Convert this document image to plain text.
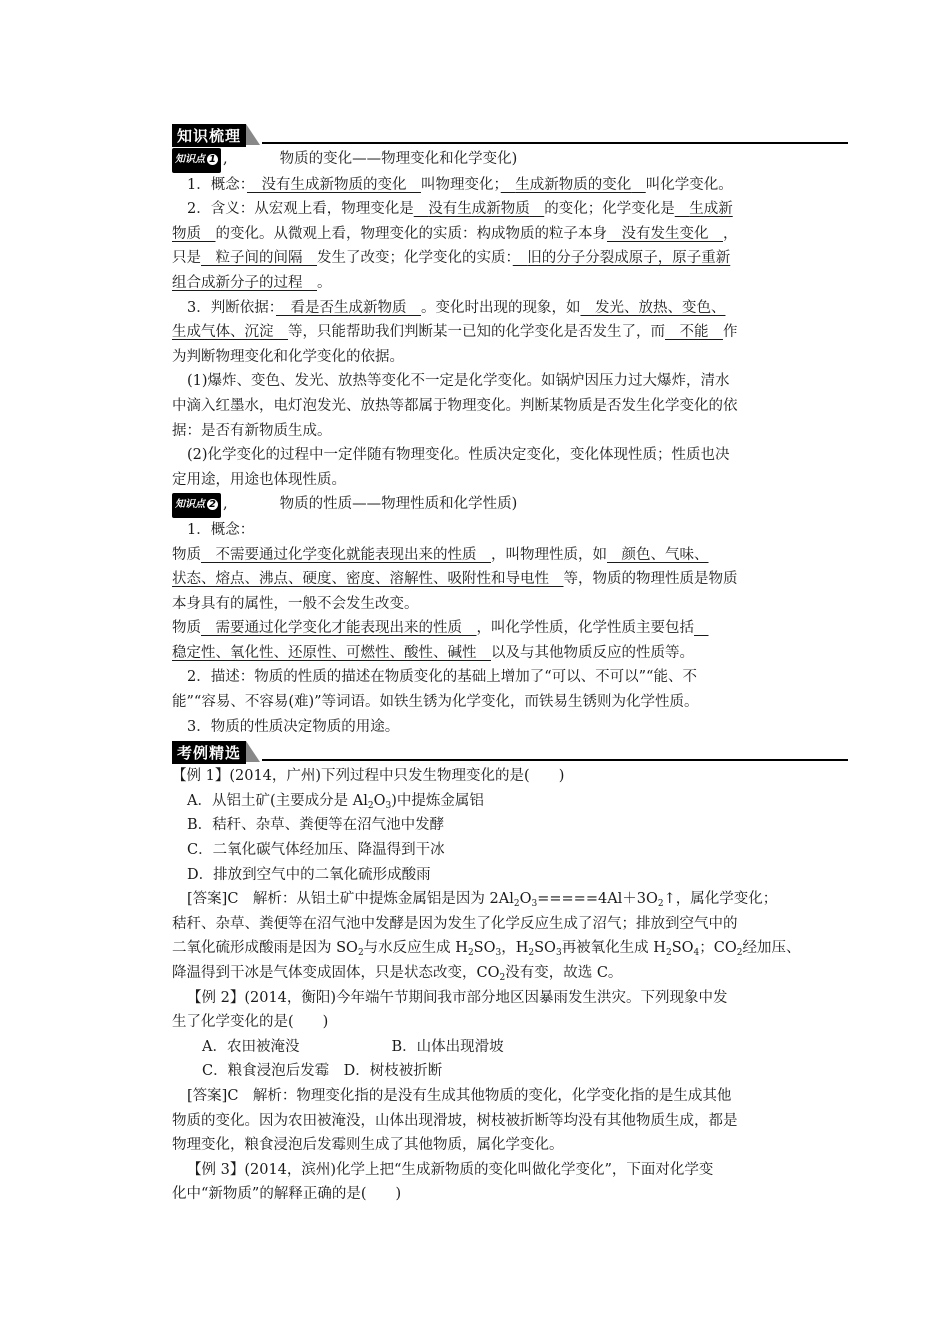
知识梳理
知识点 1 ,	物质的变化——物理变化和化学变化)
1．概念：　 没有生成新物质的变化　 叫物理变化；　 生成新物质的变化　 叫化学变化。
2．含义：从宏观上看，物理变化是　 没有生成新物质　 的变化；化学变化是　 生成新
物质　 的变化。从微观上看，物理变化的实质：构成物质的粒子本身　 没有发生变化　 ，
只是　 粒子间的间隔　 发生了改变；化学变化的实质：　 旧的分子分裂成原子，原子重新
组合成新分子的过程　 。
3．判断依据：　 看是否生成新物质　 。变化时出现的现象，如　 发光、放热、变色、
生成气体、沉淀　 等，只能帮助我们判断某一已知的化学变化是否发生了，而　 不能　 作
为判断物理变化和化学变化的依据。
(1)爆炸、变色、发光、放热等变化不一定是化学变化。如锅炉因压力过大爆炸，清水
中滴入红墨水，电灯泡发光、放热等都属于物理变化。判断某物质是否发生化学变化的依
据：是否有新物质生成。
(2)化学变化的过程中一定伴随有物理变化。性质决定变化，变化体现性质；性质也决
定用途，用途也体现性质。
知识点 2 ,	物质的性质——物理性质和化学性质)
1．概念：
物质　 不需要通过化学变化就能表现出来的性质　 ，叫物理性质，如　 颜色、气味、
状态、熔点、沸点、硬度、密度、溶解性、吸附性和导电性　 等，物质的物理性质是物质
本身具有的属性，一般不会发生改变。
物质　 需要通过化学变化才能表现出来的性质　 ，叫化学性质，化学性质主要包括　
稳定性、氧化性、还原性、可燃性、酸性、碱性　 以及与其他物质反应的性质等。
2．描述：物质的性质的描述在物质变化的基础上增加了“可以、不可以”“能、不
能”“容易、不容易(难)”等词语。如铁生锈为化学变化，而铁易生锈则为化学性质。
3．物质的性质决定物质的用途。
考例精选
【例 1】(2014，广州)下列过程中只发生物理变化的是(　　)
A．从铝土矿(主要成分是 $Al_2O_3$)中提炼金属铝
B．秸秆、杂草、粪便等在沼气池中发酵
C．二氧化碳气体经加压、降温得到干冰
D．排放到空气中的二氧化硫形成酸雨
[答案]C　解析：从铝土矿中提炼金属铝是因为 $2Al_2O_3=====4Al+3O_2↑$，属化学变化；
秸秆、杂草、粪便等在沼气池中发酵是因为发生了化学反应生成了沼气；排放到空气中的
二氧化硫形成酸雨是因为 $SO_2$与水反应生成 $H_2SO_3$，$H_2SO_3$再被氧化生成 $H_2SO_4$；$CO_2$经加压、
降温得到干冰是气体变成固体，只是状态改变，$CO_2$没有变，故选 C。
【例 2】(2014，衡阳)今年端午节期间我市部分地区因暴雨发生洪灾。下列现象中发
生了化学变化的是(　　)
A．农田被淹没	B．山体出现滑坡
C．粮食浸泡后发霉　D．树枝被折断
[答案]C　解析：物理变化指的是没有生成其他物质的变化，化学变化指的是生成其他
物质的变化。因为农田被淹没，山体出现滑坡，树枝被折断等均没有其他物质生成，都是
物理变化，粮食浸泡后发霉则生成了其他物质，属化学变化。
【例 3】(2014，滨州)化学上把“生成新物质的变化叫做化学变化”，下面对化学变
化中“新物质”的解释正确的是(　　)
